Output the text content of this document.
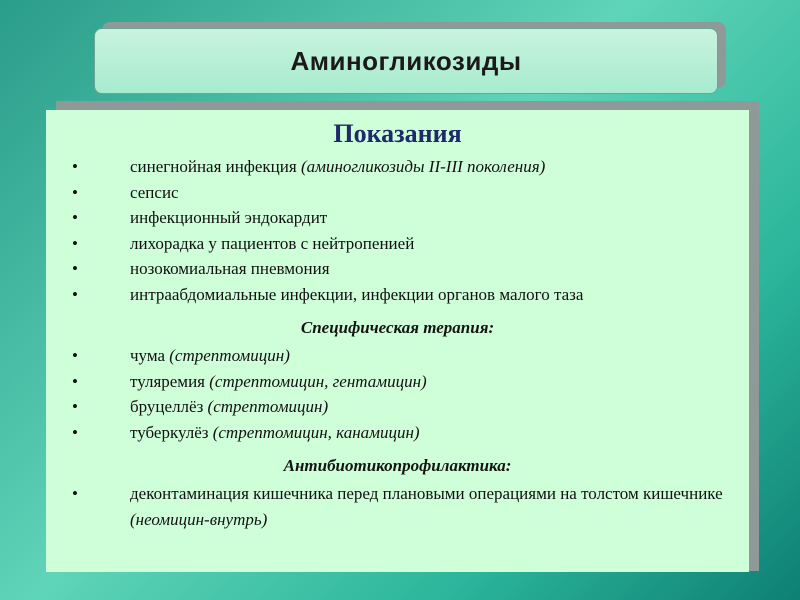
Аминогликозиды
Показания
• синегнойная инфекция (аминогликозиды II-III поколения)
• сепсис
• инфекционный эндокардит
• лихорадка у пациентов с нейтропенией
• нозокомиальная пневмония
• интраабдомиальные инфекции, инфекции органов малого таза
Специфическая терапия:
• чума (стрептомицин)
• туляремия (стрептомицин, гентамицин)
• бруцеллёз (стрептомицин)
• туберкулёз (стрептомицин, канамицин)
Антибиотикопрофилактика:
• деконтаминация кишечника перед плановыми операциями на толстом кишечнике (неомицин-внутрь)
